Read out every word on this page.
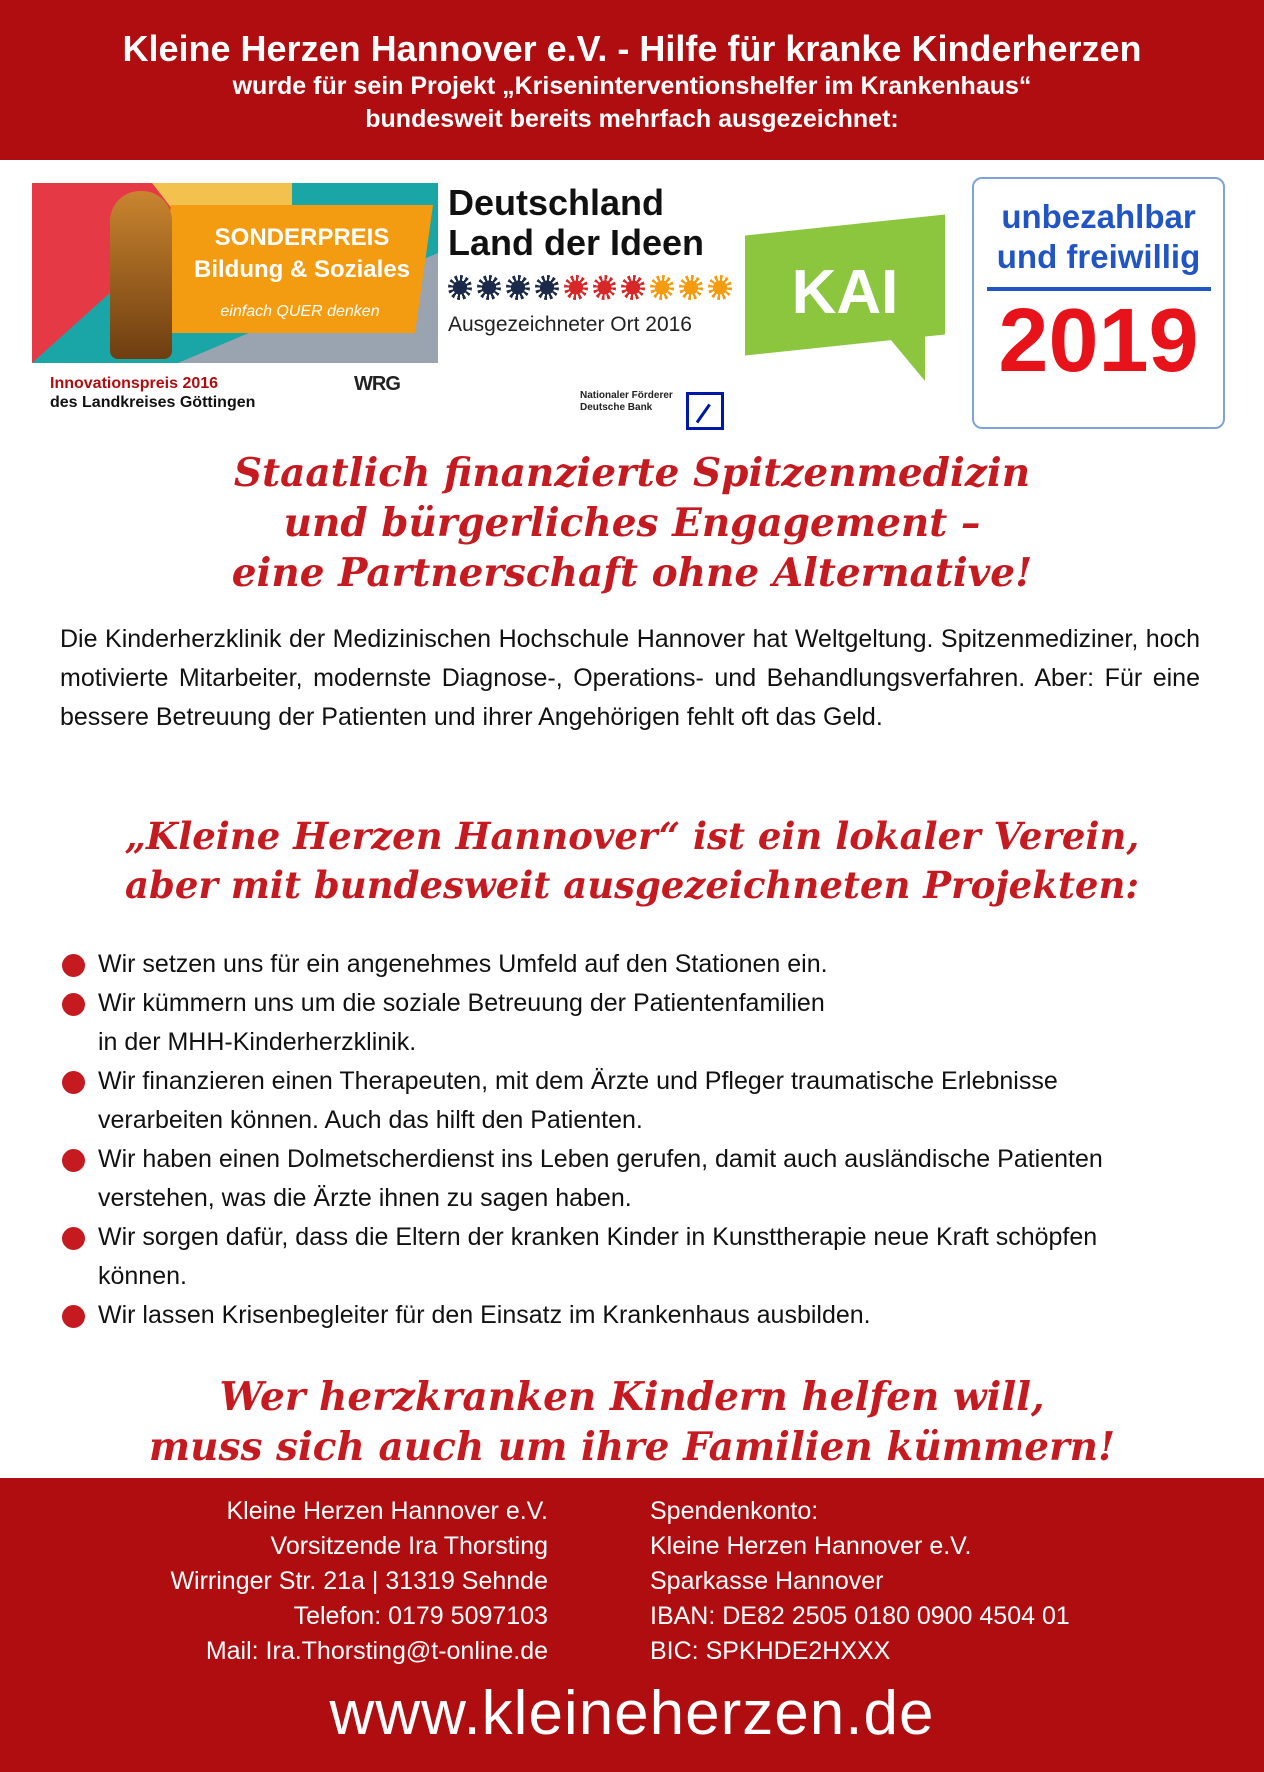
Kleine Herzen Hannover e.V. - Hilfe für kranke Kinderherzen
wurde für sein Projekt „Kriseninterventionshelfer im Krankenhaus“
bundesweit bereits mehrfach ausgezeichnet:
SONDERPREIS
Bildung & Soziales
einfach QUER denken
Innovationspreis 2016
des Landkreises Göttingen
WRG
Deutschland
Land der Ideen
Ausgezeichneter Ort 2016
Nationaler Förderer
Deutsche Bank
KAI
unbezahlbar
und freiwillig
2019
Staatlich finanzierte Spitzenmedizin
und bürgerliches Engagement –
eine Partnerschaft ohne Alternative!

Die Kinderherzklinik der Medizinischen Hochschule Hannover hat Weltgeltung. Spitzenmediziner, hoch motivierte Mitarbeiter, modernste Diagnose-, Operations- und Behandlungsverfahren. Aber: Für eine bessere Betreuung der Patienten und ihrer Angehörigen fehlt oft das Geld.

„Kleine Herzen Hannover“ ist ein lokaler Verein,
aber mit bundesweit ausgezeichneten Projekten:
Wir setzen uns für ein angenehmes Umfeld auf den Stationen ein.
Wir kümmern uns um die soziale Betreuung der Patientenfamilien in der MHH-Kinderherzklinik.
Wir finanzieren einen Therapeuten, mit dem Ärzte und Pfleger traumatische Erlebnisse verarbeiten können. Auch das hilft den Patienten.
Wir haben einen Dolmetscherdienst ins Leben gerufen, damit auch ausländische Patienten verstehen, was die Ärzte ihnen zu sagen haben.
Wir sorgen dafür, dass die Eltern der kranken Kinder in Kunsttherapie neue Kraft schöpfen können.
Wir lassen Krisenbegleiter für den Einsatz im Krankenhaus ausbilden.
Wer herzkranken Kindern helfen will,
muss sich auch um ihre Familien kümmern!
Kleine Herzen Hannover e.V.
Vorsitzende Ira Thorsting
Wirringer Str. 21a | 31319 Sehnde
Telefon: 0179 5097103
Mail: Ira.Thorsting@t-online.de
Spendenkonto:
Kleine Herzen Hannover e.V.
Sparkasse Hannover
IBAN: DE82 2505 0180 0900 4504 01
BIC: SPKHDE2HXXX
www.kleineherzen.de
